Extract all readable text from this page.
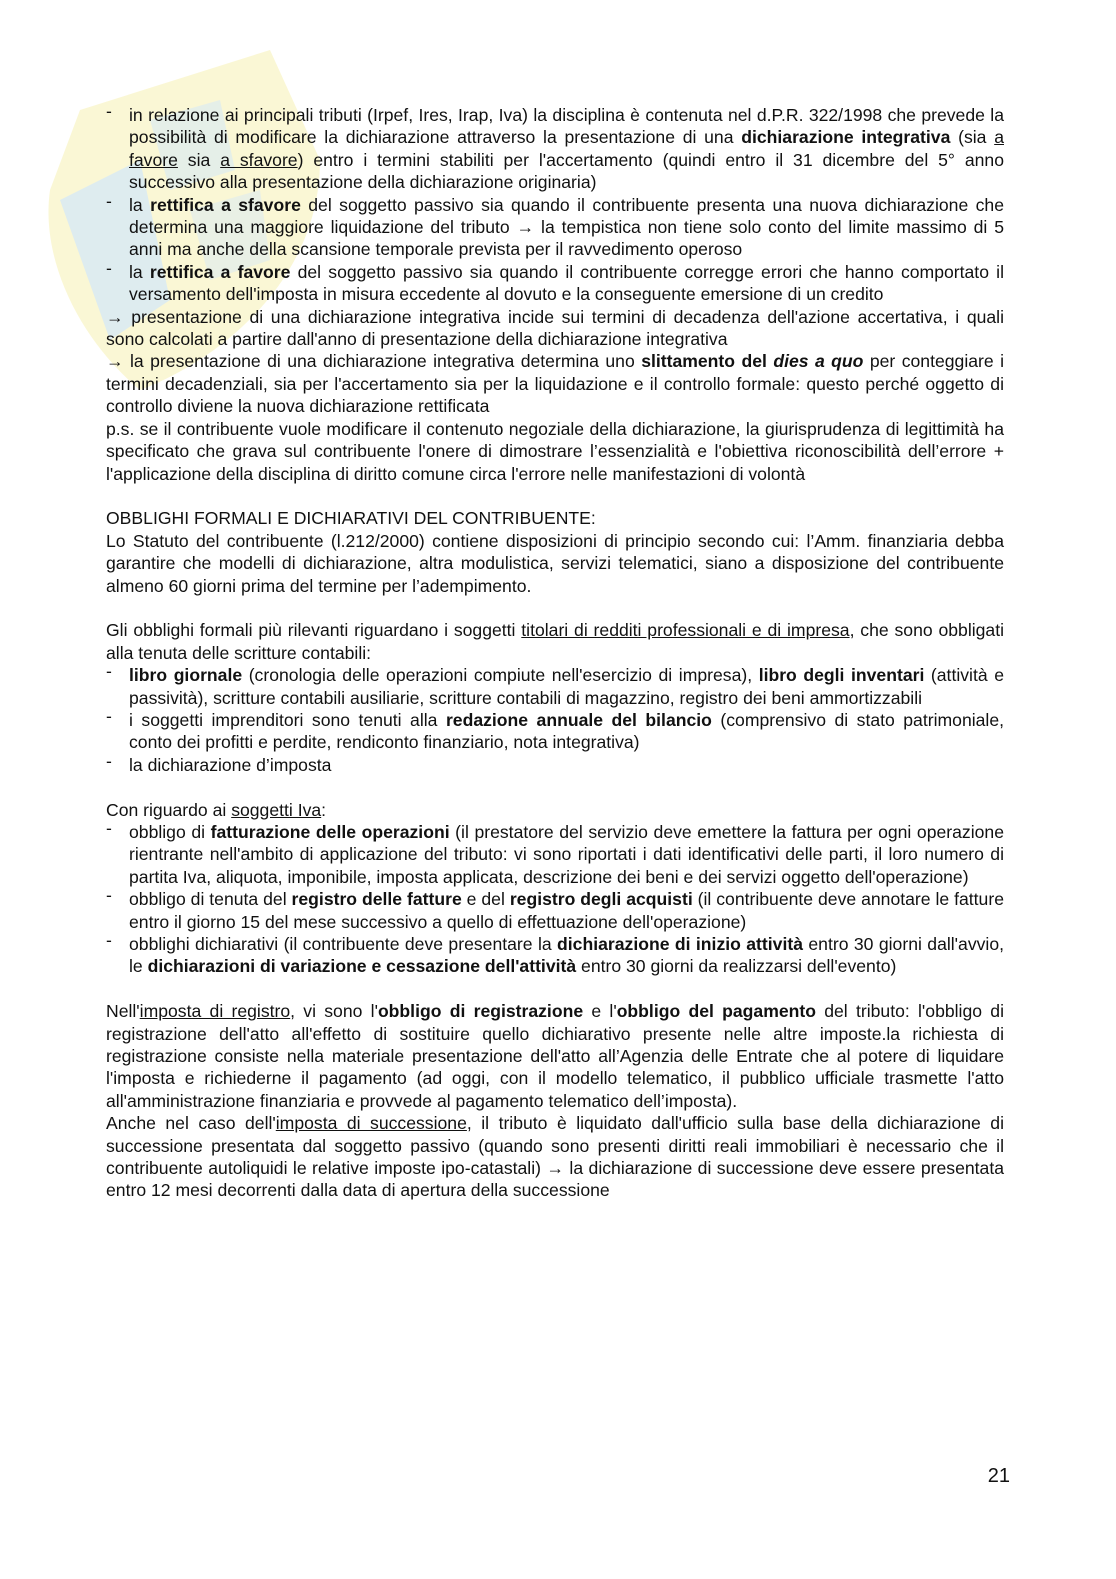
- in relazione ai principali tributi (Irpef, Ires, Irap, Iva) la disciplina è contenuta nel d.P.R. 322/1998 che prevede la possibilità di modificare la dichiarazione attraverso la presentazione di una dichiarazione integrativa (sia a favore sia a sfavore) entro i termini stabiliti per l'accertamento (quindi entro il 31 dicembre del 5° anno successivo alla presentazione della dichiarazione originaria)
- la rettifica a sfavore del soggetto passivo sia quando il contribuente presenta una nuova dichiarazione che determina una maggiore liquidazione del tributo → la tempistica non tiene solo conto del limite massimo di 5 anni ma anche della scansione temporale prevista per il ravvedimento operoso
- la rettifica a favore del soggetto passivo sia quando il contribuente corregge errori che hanno comportato il versamento dell'imposta in misura eccedente al dovuto e la conseguente emersione di un credito

→ presentazione di una dichiarazione integrativa incide sui termini di decadenza dell'azione accertativa, i quali sono calcolati a partire dall'anno di presentazione della dichiarazione integrativa

→ la presentazione di una dichiarazione integrativa determina uno slittamento del dies a quo per conteggiare i termini decadenziali, sia per l'accertamento sia per la liquidazione e il controllo formale: questo perché oggetto di controllo diviene la nuova dichiarazione rettificata

p.s. se il contribuente vuole modificare il contenuto negoziale della dichiarazione, la giurisprudenza di legittimità ha specificato che grava sul contribuente l'onere di dimostrare l’essenzialità e l'obiettiva riconoscibilità dell’errore + l'applicazione della disciplina di diritto comune circa l'errore nelle manifestazioni di volontà

OBBLIGHI FORMALI E DICHIARATIVI DEL CONTRIBUENTE:

Lo Statuto del contribuente (l.212/2000) contiene disposizioni di principio secondo cui: l’Amm. finanziaria debba garantire che modelli di dichiarazione, altra modulistica, servizi telematici, siano a disposizione del contribuente almeno 60 giorni prima del termine per l’adempimento.

Gli obblighi formali più rilevanti riguardano i soggetti titolari di redditi professionali e di impresa, che sono obbligati alla tenuta delle scritture contabili:

- libro giornale (cronologia delle operazioni compiute nell'esercizio di impresa), libro degli inventari (attività e passività), scritture contabili ausiliarie, scritture contabili di magazzino, registro dei beni ammortizzabili
- i soggetti imprenditori sono tenuti alla redazione annuale del bilancio (comprensivo di stato patrimoniale, conto dei profitti e perdite, rendiconto finanziario, nota integrativa)
- la dichiarazione d’imposta

Con riguardo ai soggetti Iva:

- obbligo di fatturazione delle operazioni (il prestatore del servizio deve emettere la fattura per ogni operazione rientrante nell'ambito di applicazione del tributo: vi sono riportati i dati identificativi delle parti, il loro numero di partita Iva, aliquota, imponibile, imposta applicata, descrizione dei beni e dei servizi oggetto dell'operazione)
- obbligo di tenuta del registro delle fatture e del registro degli acquisti (il contribuente deve annotare le fatture entro il giorno 15 del mese successivo a quello di effettuazione dell'operazione)
- obblighi dichiarativi (il contribuente deve presentare la dichiarazione di inizio attività entro 30 giorni dall'avvio, le dichiarazioni di variazione e cessazione dell'attività entro 30 giorni da realizzarsi dell'evento)

Nell'imposta di registro, vi sono l'obbligo di registrazione e l'obbligo del pagamento del tributo: l'obbligo di registrazione dell'atto all'effetto di sostituire quello dichiarativo presente nelle altre imposte.la richiesta di registrazione consiste nella materiale presentazione dell'atto all’Agenzia delle Entrate che al potere di liquidare l'imposta e richiederne il pagamento (ad oggi, con il modello telematico, il pubblico ufficiale trasmette l'atto all'amministrazione finanziaria e provvede al pagamento telematico dell’imposta).

Anche nel caso dell'imposta di successione, il tributo è liquidato dall'ufficio sulla base della dichiarazione di successione presentata dal soggetto passivo (quando sono presenti diritti reali immobiliari è necessario che il contribuente autoliquidi le relative imposte ipo-catastali) → la dichiarazione di successione deve essere presentata entro 12 mesi decorrenti dalla data di apertura della successione

21
